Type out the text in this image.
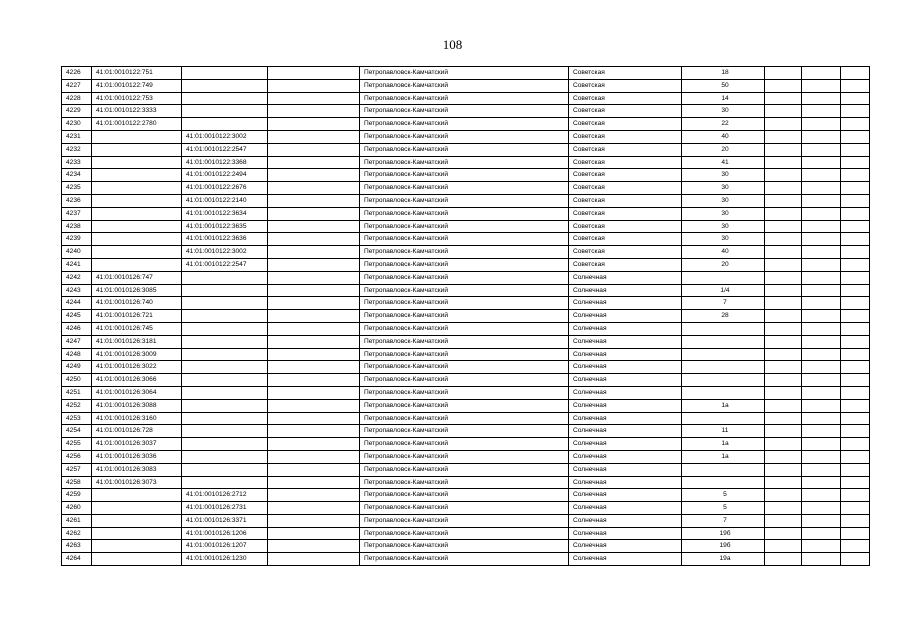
108
4226	41:01:0010122:751			Петропавловск-Камчатский	Советская	18			
4227	41:01:0010122:749			Петропавловск-Камчатский	Советская	50			
4228	41:01:0010122:753			Петропавловск-Камчатский	Советская	14			
4229	41:01:0010122:3333			Петропавловск-Камчатский	Советская	30			
4230	41:01:0010122:2780			Петропавловск-Камчатский	Советская	22			
4231		41:01:0010122:3002		Петропавловск-Камчатский	Советская	40			
4232		41:01:0010122:2547		Петропавловск-Камчатский	Советская	20			
4233		41:01:0010122:3368		Петропавловск-Камчатский	Советская	41			
4234		41:01:0010122:2494		Петропавловск-Камчатский	Советская	30			
4235		41:01:0010122:2676		Петропавловск-Камчатский	Советская	30			
4236		41:01:0010122:2140		Петропавловск-Камчатский	Советская	30			
4237		41:01:0010122:3634		Петропавловск-Камчатский	Советская	30			
4238		41:01:0010122:3635		Петропавловск-Камчатский	Советская	30			
4239		41:01:0010122:3636		Петропавловск-Камчатский	Советская	30			
4240		41:01:0010122:3002		Петропавловск-Камчатский	Советская	40			
4241		41:01:0010122:2547		Петропавловск-Камчатский	Советская	20			
4242	41:01:0010126:747			Петропавловск-Камчатский	Солнечная				
4243	41:01:0010126:3085			Петропавловск-Камчатский	Солнечная	1/4			
4244	41:01:0010126:740			Петропавловск-Камчатский	Солнечная	7			
4245	41:01:0010126:721			Петропавловск-Камчатский	Солнечная	28			
4246	41:01:0010126:745			Петропавловск-Камчатский	Солнечная				
4247	41:01:0010126:3181			Петропавловск-Камчатский	Солнечная				
4248	41:01:0010126:3009			Петропавловск-Камчатский	Солнечная				
4249	41:01:0010126:3022			Петропавловск-Камчатский	Солнечная				
4250	41:01:0010126:3066			Петропавловск-Камчатский	Солнечная				
4251	41:01:0010126:3064			Петропавловск-Камчатский	Солнечная				
4252	41:01:0010126:3088			Петропавловск-Камчатский	Солнечная	1а			
4253	41:01:0010126:3160			Петропавловск-Камчатский	Солнечная				
4254	41:01:0010126:728			Петропавловск-Камчатский	Солнечная	11			
4255	41:01:0010126:3037			Петропавловск-Камчатский	Солнечная	1а			
4256	41:01:0010126:3036			Петропавловск-Камчатский	Солнечная	1а			
4257	41:01:0010126:3083			Петропавловск-Камчатский	Солнечная				
4258	41:01:0010126:3073			Петропавловск-Камчатский	Солнечная				
4259		41:01:0010126:2712		Петропавловск-Камчатский	Солнечная	5			
4260		41:01:0010126:2731		Петропавловск-Камчатский	Солнечная	5			
4261		41:01:0010126:3371		Петропавловск-Камчатский	Солнечная	7			
4262		41:01:0010126:1206		Петропавловск-Камчатский	Солнечная	19б			
4263		41:01:0010126:1207		Петропавловск-Камчатский	Солнечная	19б			
4264		41:01:0010126:1230		Петропавловск-Камчатский	Солнечная	19а			
